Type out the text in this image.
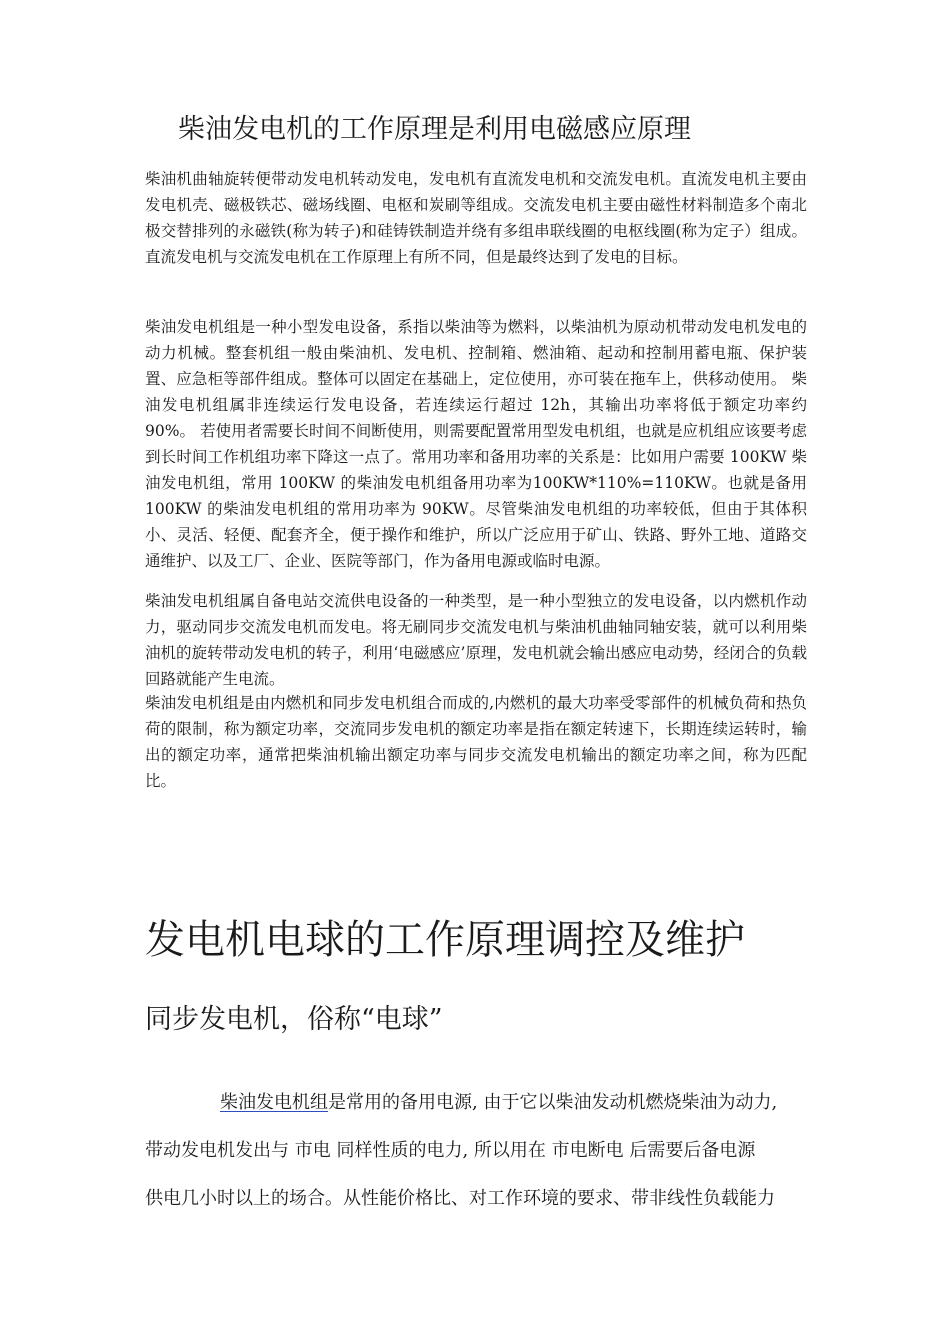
柴油发电机的工作原理是利用电磁感应原理

柴油机曲轴旋转便带动发电机转动发电，发电机有直流发电机和交流发电机。直流发电机主要由发电机壳、磁极铁芯、磁场线圈、电枢和炭刷等组成。交流发电机主要由磁性材料制造多个南北极交替排列的永磁铁(称为转子)和硅铸铁制造并绕有多组串联线圈的电枢线圈(称为定子）组成。直流发电机与交流发电机在工作原理上有所不同，但是最终达到了发电的目标。

柴油发电机组是一种小型发电设备，系指以柴油等为燃料，以柴油机为原动机带动发电机发电的动力机械。整套机组一般由柴油机、发电机、控制箱、燃油箱、起动和控制用蓄电瓶、保护装置、应急柜等部件组成。整体可以固定在基础上，定位使用，亦可装在拖车上，供移动使用。 柴油发电机组属非连续运行发电设备，若连续运行超过 12h，其输出功率将低于额定功率约 90%。 若使用者需要长时间不间断使用，则需要配置常用型发电机组，也就是应机组应该要考虑到长时间工作机组功率下降这一点了。常用功率和备用功率的关系是：比如用户需要 100KW 柴油发电机组，常用 100KW 的柴油发电机组备用功率为100KW*110%=110KW。也就是备用 100KW 的柴油发电机组的常用功率为 90KW。尽管柴油发电机组的功率较低，但由于其体积小、灵活、轻便、配套齐全，便于操作和维护，所以广泛应用于矿山、铁路、野外工地、道路交通维护、以及工厂、企业、医院等部门，作为备用电源或临时电源。

柴油发电机组属自备电站交流供电设备的一种类型，是一种小型独立的发电设备，以内燃机作动力，驱动同步交流发电机而发电。将无刷同步交流发电机与柴油机曲轴同轴安装，就可以利用柴油机的旋转带动发电机的转子，利用‘电磁感应’原理，发电机就会输出感应电动势，经闭合的负载回路就能产生电流。

柴油发电机组是由内燃机和同步发电机组合而成的,内燃机的最大功率受零部件的机械负荷和热负荷的限制，称为额定功率，交流同步发电机的额定功率是指在额定转速下，长期连续运转时，输出的额定功率，通常把柴油机输出额定功率与同步交流发电机输出的额定功率之间，称为匹配比。

发电机电球的工作原理调控及维护
同步发电机，俗称“电球”

柴油发电机组是常用的备用电源, 由于它以柴油发动机燃烧柴油为动力,

带动发电机发出与 市电 同样性质的电力, 所以用在 市电断电 后需要后备电源

供电几小时以上的场合。从性能价格比、对工作环境的要求、带非线性负载能力
